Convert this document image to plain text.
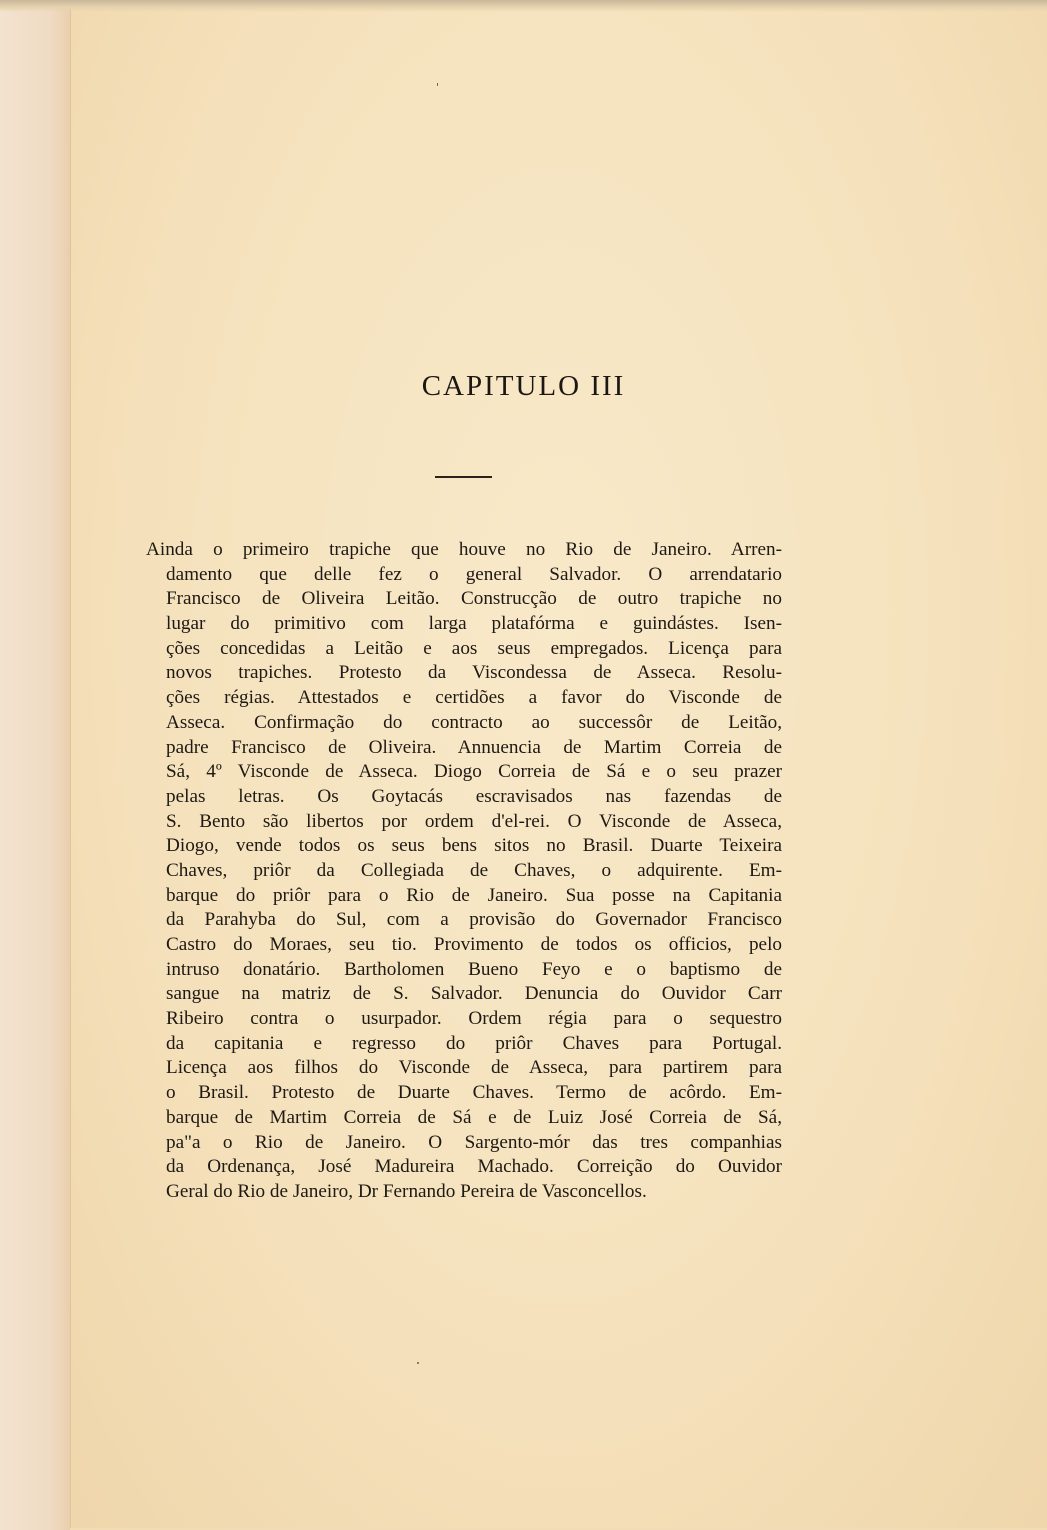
CAPITULO III
Ainda o primeiro trapiche que houve no Rio de Janeiro. Arren-
damento que delle fez o general Salvador. O arrendatario
Francisco de Oliveira Leitão. Construcção de outro trapiche no
lugar do primitivo com larga platafórma e guindástes. Isen-
ções concedidas a Leitão e aos seus empregados. Licença para
novos trapiches. Protesto da Viscondessa de Asseca. Resolu-
ções régias. Attestados e certidões a favor do Visconde de
Asseca. Confirmação do contracto ao successôr de Leitão,
padre Francisco de Oliveira. Annuencia de Martim Correia de
Sá, 4º Visconde de Asseca. Diogo Correia de Sá e o seu prazer
pelas letras. Os Goytacás escravisados nas fazendas de
S. Bento são libertos por ordem d'el-rei. O Visconde de Asseca,
Diogo, vende todos os seus bens sitos no Brasil. Duarte Teixeira
Chaves, priôr da Collegiada de Chaves, o adquirente. Em-
barque do priôr para o Rio de Janeiro. Sua posse na Capitania
da Parahyba do Sul, com a provisão do Governador Francisco
Castro do Moraes, seu tio. Provimento de todos os officios, pelo
intruso donatário. Bartholomen Bueno Feyo e o baptismo de
sangue na matriz de S. Salvador. Denuncia do Ouvidor Carr
Ribeiro contra o usurpador. Ordem régia para o sequestro
da capitania e regresso do priôr Chaves para Portugal.
Licença aos filhos do Visconde de Asseca, para partirem para
o Brasil. Protesto de Duarte Chaves. Termo de acôrdo. Em-
barque de Martim Correia de Sá e de Luiz José Correia de Sá,
pa"a o Rio de Janeiro. O Sargento-mór das tres companhias
da Ordenança, José Madureira Machado. Correição do Ouvidor
Geral do Rio de Janeiro, Dr Fernando Pereira de Vasconcellos.
